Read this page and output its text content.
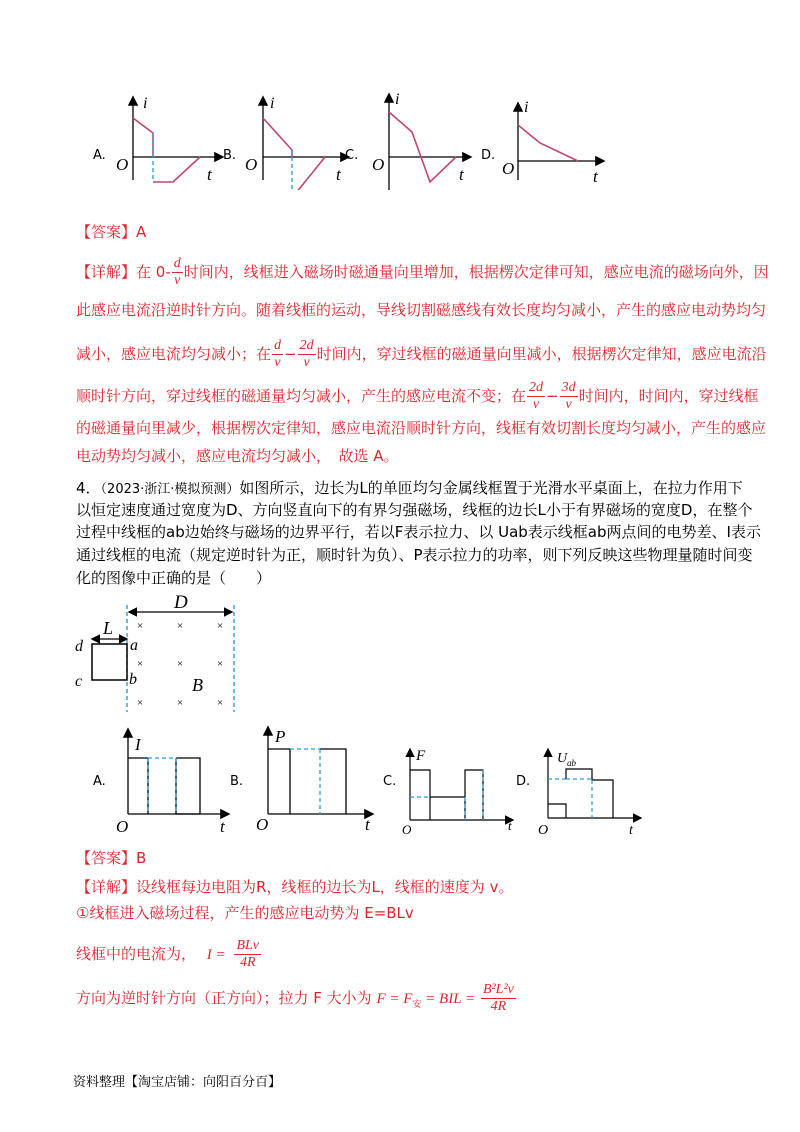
A.	B.	C.	D.
i
t
O
i
t
O
i
t
O
i
t
O
【答案】A
【详解】在 $0- \frac{d}{v}$ 时间内，线框进入磁场时磁通量向里增加，根据楞次定律可知，感应电流的磁场向外，因
此感应电流沿逆时针方向。随着线框的运动，导线切割磁感线有效长度均匀减小，产生的感应电动势均匀
减小，感应电流均匀减小；在 $\frac{d}{v} - \frac{2d}{v}$ 时间内，穿过线框的磁通量向里减小，根据楞次定律知，感应电流沿
顺时针方向，穿过线框的磁通量均匀减小，产生的感应电流不变；在 $\frac{2d}{v} - \frac{3d}{v}$ 时间内，时间内，穿过线框
的磁通量向里减少，根据楞次定律知，感应电流沿顺时针方向，线框有效切割长度均匀减小，产生的感应
电动势均匀减小，感应电流均匀减小，　故选 A。
4．（2023·浙江·模拟预测）如图所示，边长为L的单匝均匀金属线框置于光滑水平桌面上，在拉力作用下
以恒定速度通过宽度为D、方向竖直向下的有界匀强磁场，线框的边长L小于有界磁场的宽度D，在整个
过程中线框的ab边始终与磁场的边界平行，若以F表示拉力、以 Uab表示线框ab两点间的电势差、I表示
通过线框的电流（规定逆时针为正，顺时针为负）、P表示拉力的功率，则下列反映这些物理量随时间变
化的图像中正确的是（　　）
D
L
a
b
d
c	B
×	×	×
×	×	×
×	×	×
A.	B.	C.	D.
I
t
O
P
t
O
F
t
O
U ab
t
O
【答案】B
【详解】设线框每边电阻为R，线框的边长为L，线框的速度为 v。
①线框进入磁场过程，产生的感应电动势为 E=BLv
线框中的电流为， $I = \frac{\text{BLv}}{4R}$
方向为逆时针方向（正方向）；拉力 F 大小为 $F = F_安$ = BIL = $\frac{\text{B²L²v}}{4R}$
资料整理【淘宝店铺：向阳百分百】
